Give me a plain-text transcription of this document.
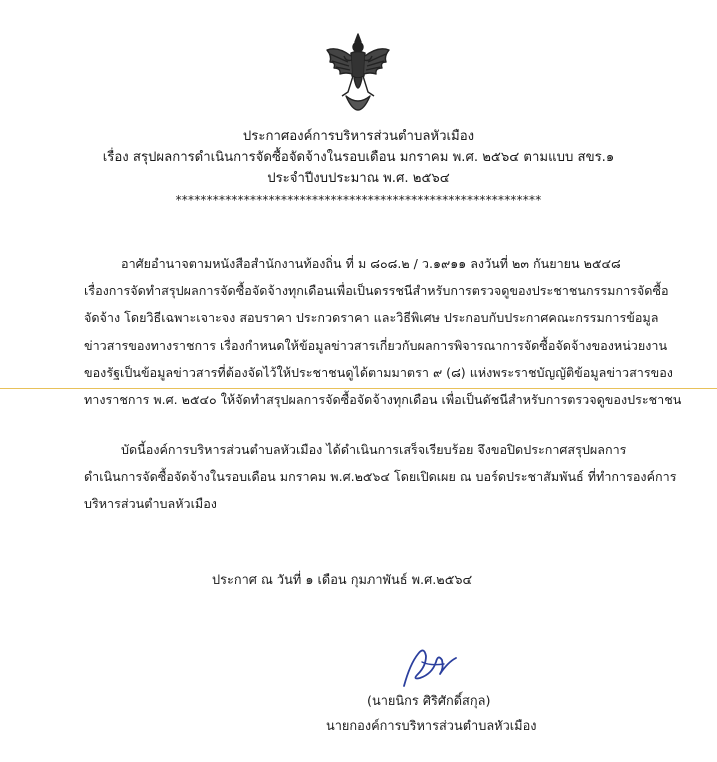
ประกาศองค์การบริหารส่วนตำบลหัวเมือง
เรื่อง สรุปผลการดำเนินการจัดซื้อจัดจ้างในรอบเดือน มกราคม พ.ศ. ๒๕๖๔ ตามแบบ สขร.๑
ประจำปีงบประมาณ พ.ศ. ๒๕๖๔
***********************************************************
อาศัยอำนาจตามหนังสือสำนักงานท้องถิ่น ที่ ม ๘๐๘.๒ / ว.๑๙๑๑ ลงวันที่ ๒๓ กันยายน ๒๕๔๘
เรื่องการจัดทำสรุปผลการจัดซื้อจัดจ้างทุกเดือนเพื่อเป็นดรรชนีสำหรับการตรวจดูของประชาชนกรรมการจัดซื้อ
จัดจ้าง โดยวิธีเฉพาะเจาะจง สอบราคา ประกวดราคา และวิธีพิเศษ ประกอบกับประกาศคณะกรรมการข้อมูล
ข่าวสารของทางราชการ เรื่องกำหนดให้ข้อมูลข่าวสารเกี่ยวกับผลการพิจารณาการจัดซื้อจัดจ้างของหน่วยงาน
ของรัฐเป็นข้อมูลข่าวสารที่ต้องจัดไว้ให้ประชาชนดูได้ตามมาตรา ๙ (๘) แห่งพระราชบัญญัติข้อมูลข่าวสารของ
ทางราชการ พ.ศ. ๒๕๔๐ ให้จัดทำสรุปผลการจัดซื้อจัดจ้างทุกเดือน เพื่อเป็นดัชนีสำหรับการตรวจดูของประชาชน
บัดนี้องค์การบริหารส่วนตำบลหัวเมือง ได้ดำเนินการเสร็จเรียบร้อย จึงขอปิดประกาศสรุปผลการ
ดำเนินการจัดซื้อจัดจ้างในรอบเดือน มกราคม พ.ศ.๒๕๖๔ โดยเปิดเผย ณ บอร์ดประชาสัมพันธ์ ที่ทำการองค์การ
บริหารส่วนตำบลหัวเมือง
ประกาศ ณ วันที่ ๑ เดือน กุมภาพันธ์ พ.ศ.๒๕๖๔
(นายนิกร ศิริศักดิ์สกุล)
นายกองค์การบริหารส่วนตำบลหัวเมือง
